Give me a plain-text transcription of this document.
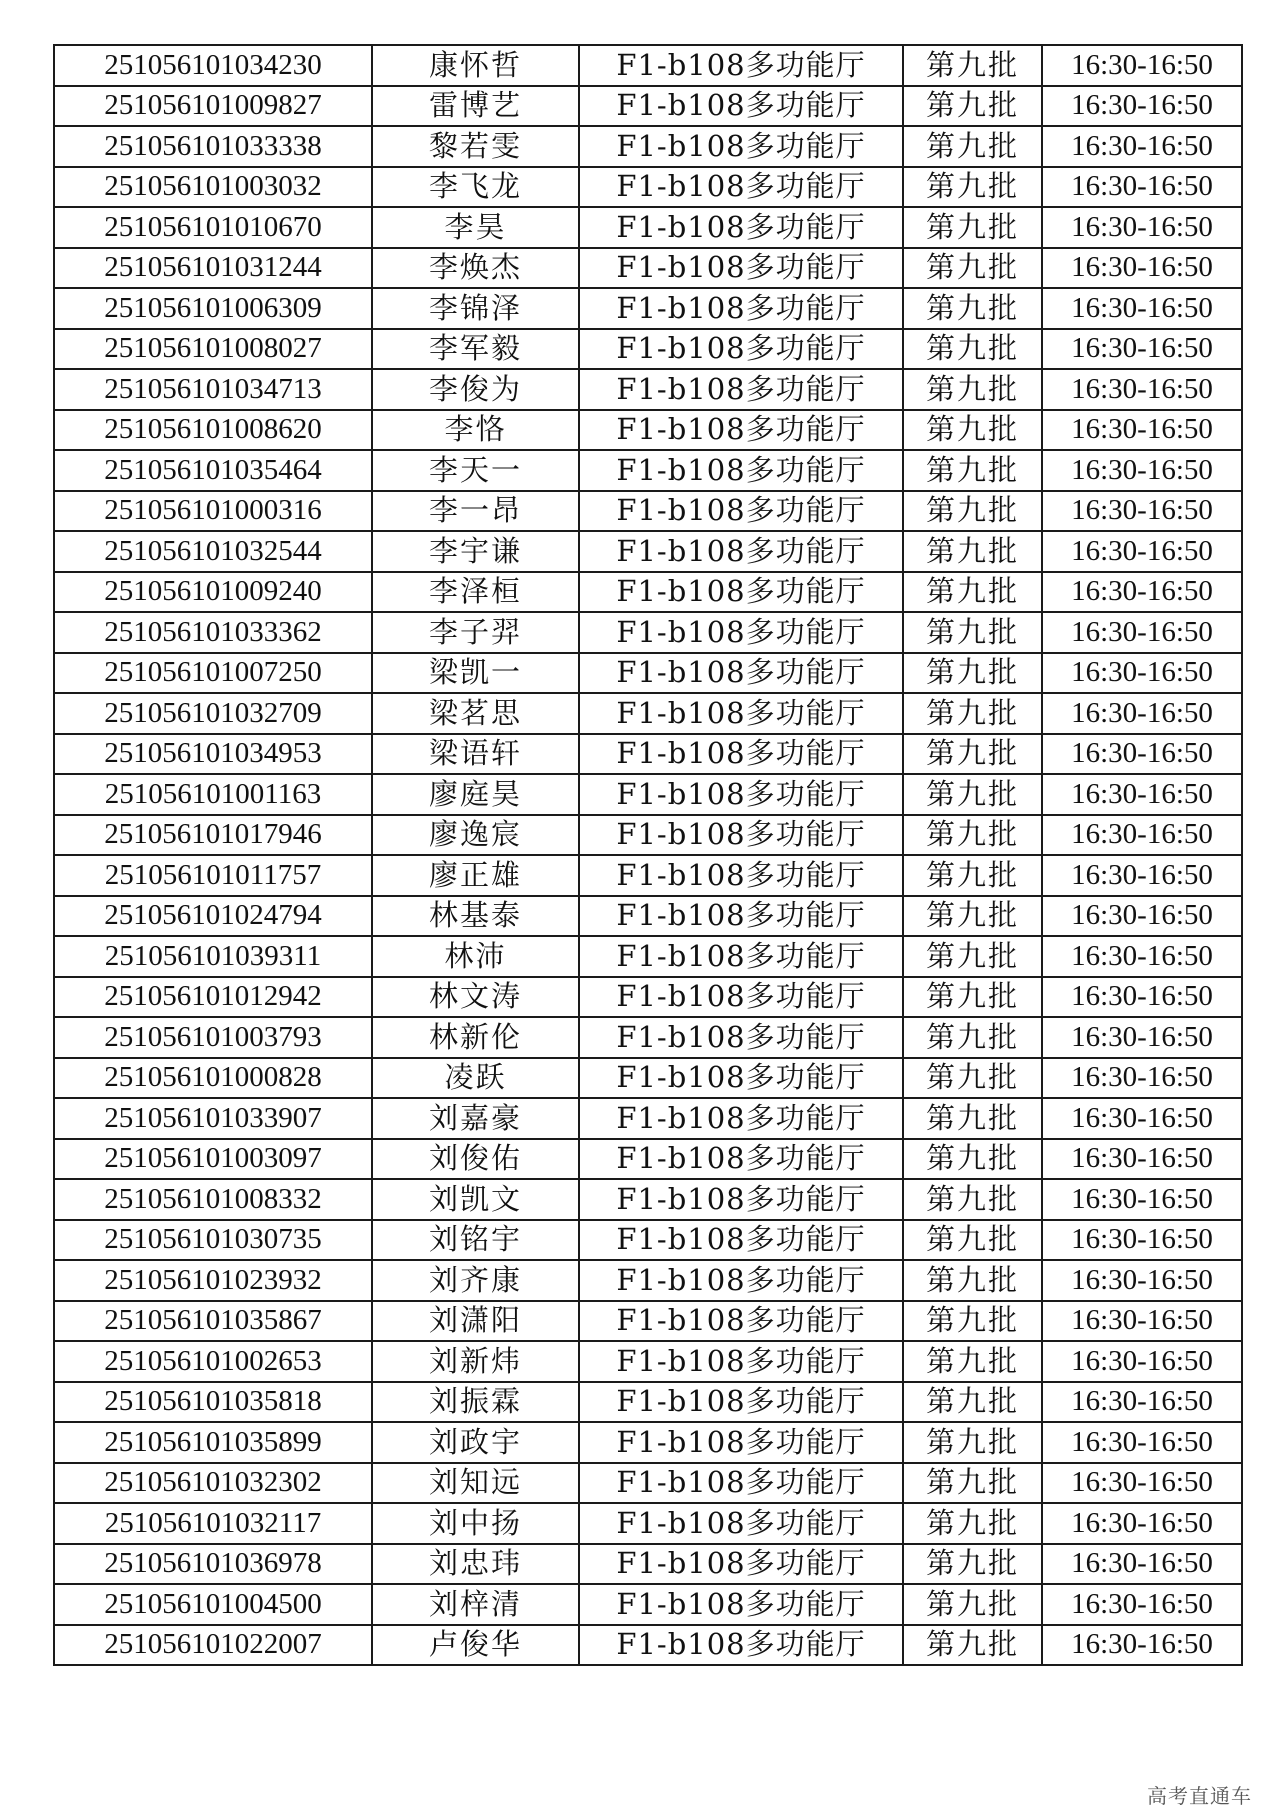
251056101034230	康怀哲	F1-b108多功能厅	第九批	16:30-16:50
251056101009827	雷博艺	F1-b108多功能厅	第九批	16:30-16:50
251056101033338	黎若雯	F1-b108多功能厅	第九批	16:30-16:50
251056101003032	李飞龙	F1-b108多功能厅	第九批	16:30-16:50
251056101010670	李昊	F1-b108多功能厅	第九批	16:30-16:50
251056101031244	李焕杰	F1-b108多功能厅	第九批	16:30-16:50
251056101006309	李锦泽	F1-b108多功能厅	第九批	16:30-16:50
251056101008027	李军毅	F1-b108多功能厅	第九批	16:30-16:50
251056101034713	李俊为	F1-b108多功能厅	第九批	16:30-16:50
251056101008620	李恪	F1-b108多功能厅	第九批	16:30-16:50
251056101035464	李天一	F1-b108多功能厅	第九批	16:30-16:50
251056101000316	李一昂	F1-b108多功能厅	第九批	16:30-16:50
251056101032544	李宇谦	F1-b108多功能厅	第九批	16:30-16:50
251056101009240	李泽桓	F1-b108多功能厅	第九批	16:30-16:50
251056101033362	李子羿	F1-b108多功能厅	第九批	16:30-16:50
251056101007250	梁凯一	F1-b108多功能厅	第九批	16:30-16:50
251056101032709	梁茗思	F1-b108多功能厅	第九批	16:30-16:50
251056101034953	梁语轩	F1-b108多功能厅	第九批	16:30-16:50
251056101001163	廖庭昊	F1-b108多功能厅	第九批	16:30-16:50
251056101017946	廖逸宸	F1-b108多功能厅	第九批	16:30-16:50
251056101011757	廖正雄	F1-b108多功能厅	第九批	16:30-16:50
251056101024794	林基泰	F1-b108多功能厅	第九批	16:30-16:50
251056101039311	林沛	F1-b108多功能厅	第九批	16:30-16:50
251056101012942	林文涛	F1-b108多功能厅	第九批	16:30-16:50
251056101003793	林新伦	F1-b108多功能厅	第九批	16:30-16:50
251056101000828	凌跃	F1-b108多功能厅	第九批	16:30-16:50
251056101033907	刘嘉豪	F1-b108多功能厅	第九批	16:30-16:50
251056101003097	刘俊佑	F1-b108多功能厅	第九批	16:30-16:50
251056101008332	刘凯文	F1-b108多功能厅	第九批	16:30-16:50
251056101030735	刘铭宇	F1-b108多功能厅	第九批	16:30-16:50
251056101023932	刘齐康	F1-b108多功能厅	第九批	16:30-16:50
251056101035867	刘潇阳	F1-b108多功能厅	第九批	16:30-16:50
251056101002653	刘新炜	F1-b108多功能厅	第九批	16:30-16:50
251056101035818	刘振霖	F1-b108多功能厅	第九批	16:30-16:50
251056101035899	刘政宇	F1-b108多功能厅	第九批	16:30-16:50
251056101032302	刘知远	F1-b108多功能厅	第九批	16:30-16:50
251056101032117	刘中扬	F1-b108多功能厅	第九批	16:30-16:50
251056101036978	刘忠玮	F1-b108多功能厅	第九批	16:30-16:50
251056101004500	刘梓清	F1-b108多功能厅	第九批	16:30-16:50
251056101022007	卢俊华	F1-b108多功能厅	第九批	16:30-16:50
高考直通车
